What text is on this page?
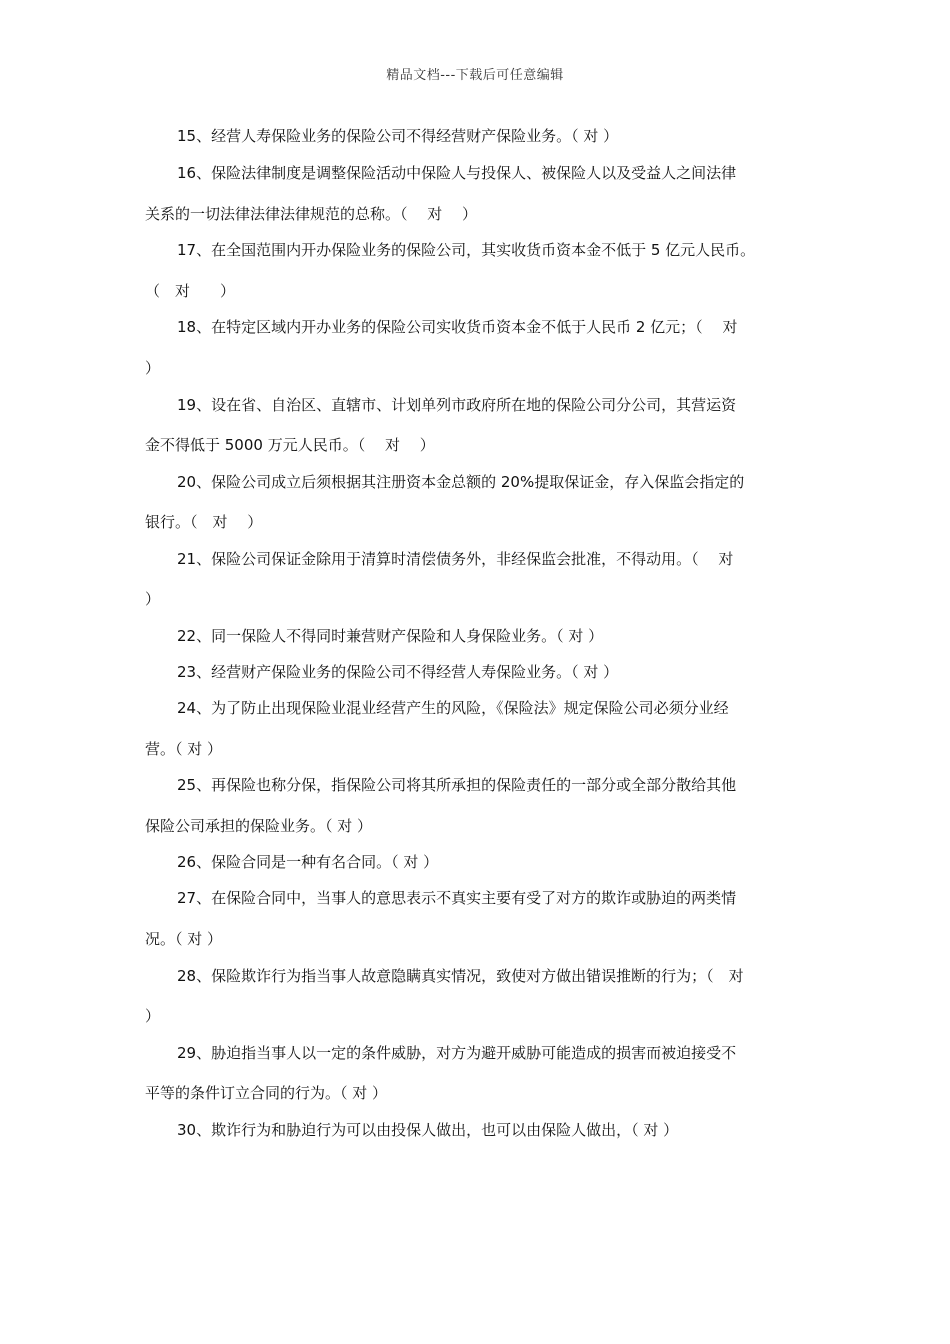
精品文档---下载后可任意编辑
15、经营人寿保险业务的保险公司不得经营财产保险业务。（ 对 ）
16、保险法律制度是调整保险活动中保险人与投保人、被保险人以及受益人之间法律
关系的一切法律法律法律规范的总称。（　 对　 ）
17、在全国范围内开办保险业务的保险公司，其实收货币资本金不低于 5 亿元人民币。
（　对　　）
18、在特定区域内开办业务的保险公司实收货币资本金不低于人民币 2 亿元；（　 对
）
19、设在省、自治区、直辖市、计划单列市政府所在地的保险公司分公司，其营运资
金不得低于 5000 万元人民币。（　 对　 ）
20、保险公司成立后须根据其注册资本金总额的 20%提取保证金，存入保监会指定的
银行。（　对　 ）
21、保险公司保证金除用于清算时清偿债务外，非经保监会批准，不得动用。（　 对
）
22、同一保险人不得同时兼营财产保险和人身保险业务。（ 对 ）
23、经营财产保险业务的保险公司不得经营人寿保险业务。（ 对 ）
24、为了防止出现保险业混业经营产生的风险，《保险法》规定保险公司必须分业经
营。（ 对 ）
25、再保险也称分保，指保险公司将其所承担的保险责任的一部分或全部分散给其他
保险公司承担的保险业务。（ 对 ）
26、保险合同是一种有名合同。（ 对 ）
27、在保险合同中，当事人的意思表示不真实主要有受了对方的欺诈或胁迫的两类情
况。（ 对 ）
28、保险欺诈行为指当事人故意隐瞒真实情况，致使对方做出错误推断的行为；（　对
）
29、胁迫指当事人以一定的条件威胁，对方为避开威胁可能造成的损害而被迫接受不
平等的条件订立合同的行为。（ 对 ）
30、欺诈行为和胁迫行为可以由投保人做出，也可以由保险人做出，（ 对 ）
